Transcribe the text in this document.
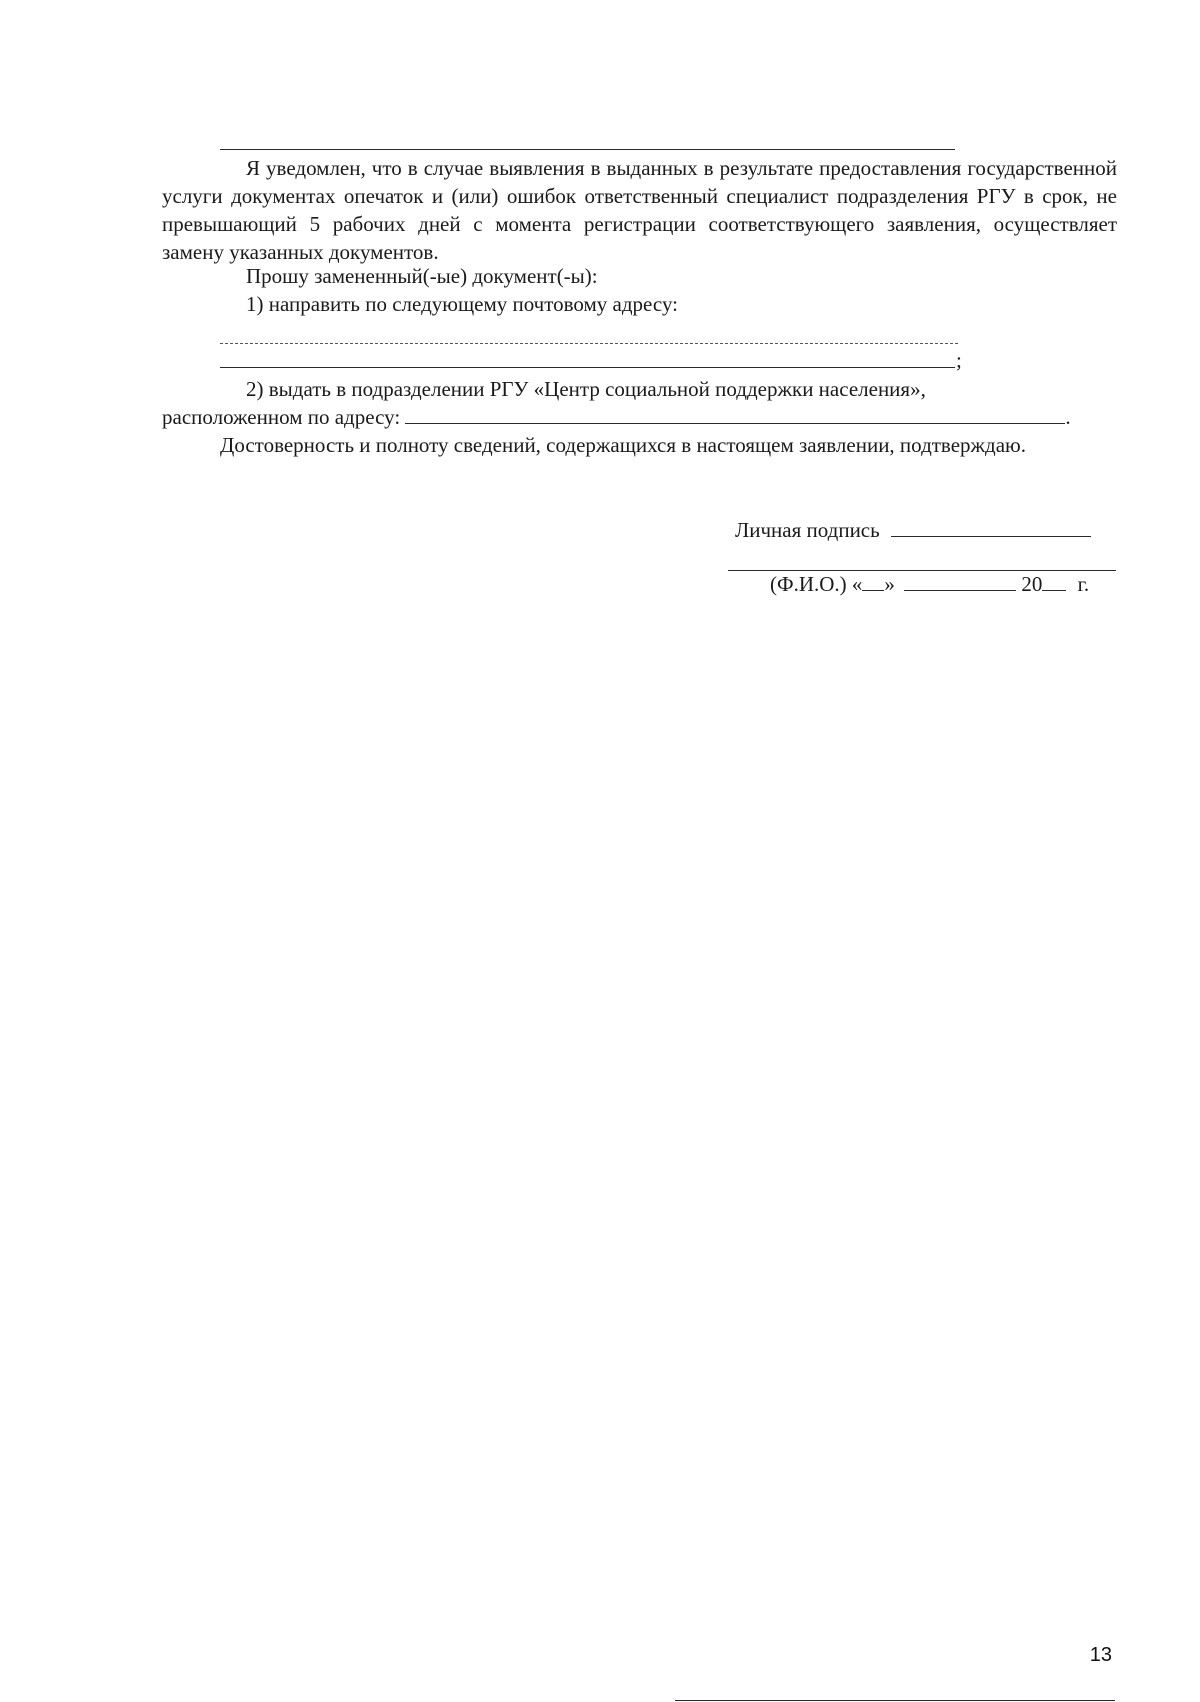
Я уведомлен, что в случае выявления в выданных в результате предоставления государственной услуги документах опечаток и (или) ошибок ответственный специалист подразделения РГУ в срок, не превышающий 5 рабочих дней с момента регистрации соответствующего заявления, осуществляет замену указанных документов.
Прошу замененный(-ые) документ(-ы):
1) направить по следующему почтовому адресу:
;
2) выдать в подразделении РГУ «Центр социальной поддержки населения»,
расположенном по адресу:	.
Достоверность и полноту сведений, содержащихся в настоящем заявлении, подтверждаю.
Личная подпись
(Ф.И.О.) « »	20 г.
13
